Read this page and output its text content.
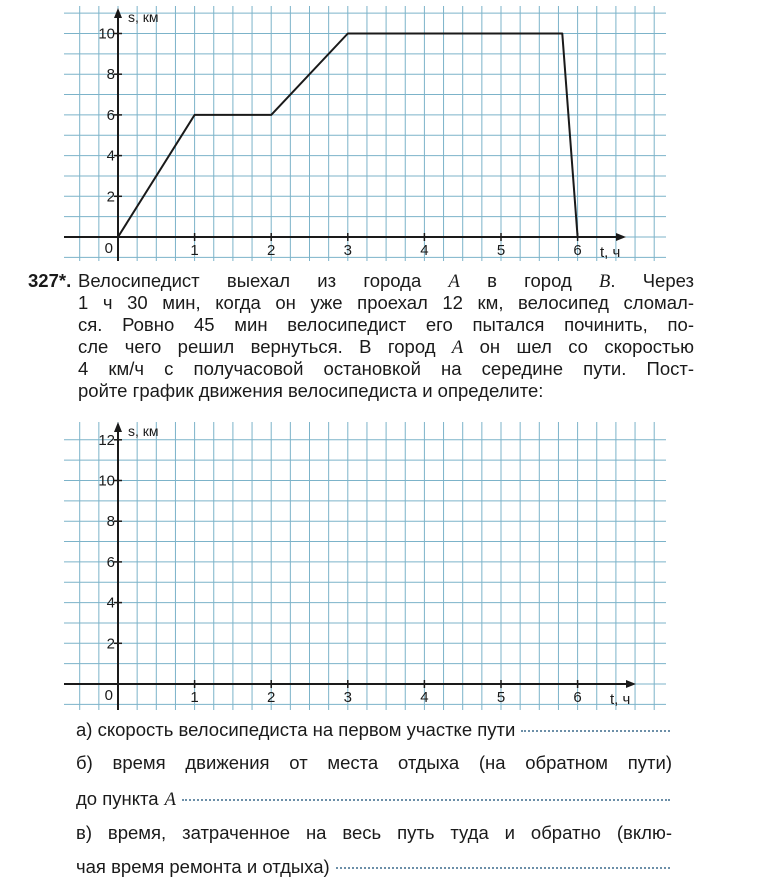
1	2	3	4	5	6
2
4
6
8
10
0
s, км
t, ч
327*. Велосипедист выехал из города A в город B. Через
1 ч 30 мин, когда он уже проехал 12 км, велосипед сломал-
ся. Ровно 45 мин велосипедист его пытался починить, по-
сле чего решил вернуться. В город A он шел со скоростью
4 км/ч с получасовой остановкой на середине пути. Пост-
ройте график движения велосипедиста и определите:
1	2	3	4	5	6
2
4
6
8
10
12
0
s, км
t, ч
а) скорость велосипедиста на первом участке пути
б) время движения от места отдыха (на обратном пути)
до пункта A
в) время, затраченное на весь путь туда и обратно (вклю-
чая время ремонта и отдыха)
